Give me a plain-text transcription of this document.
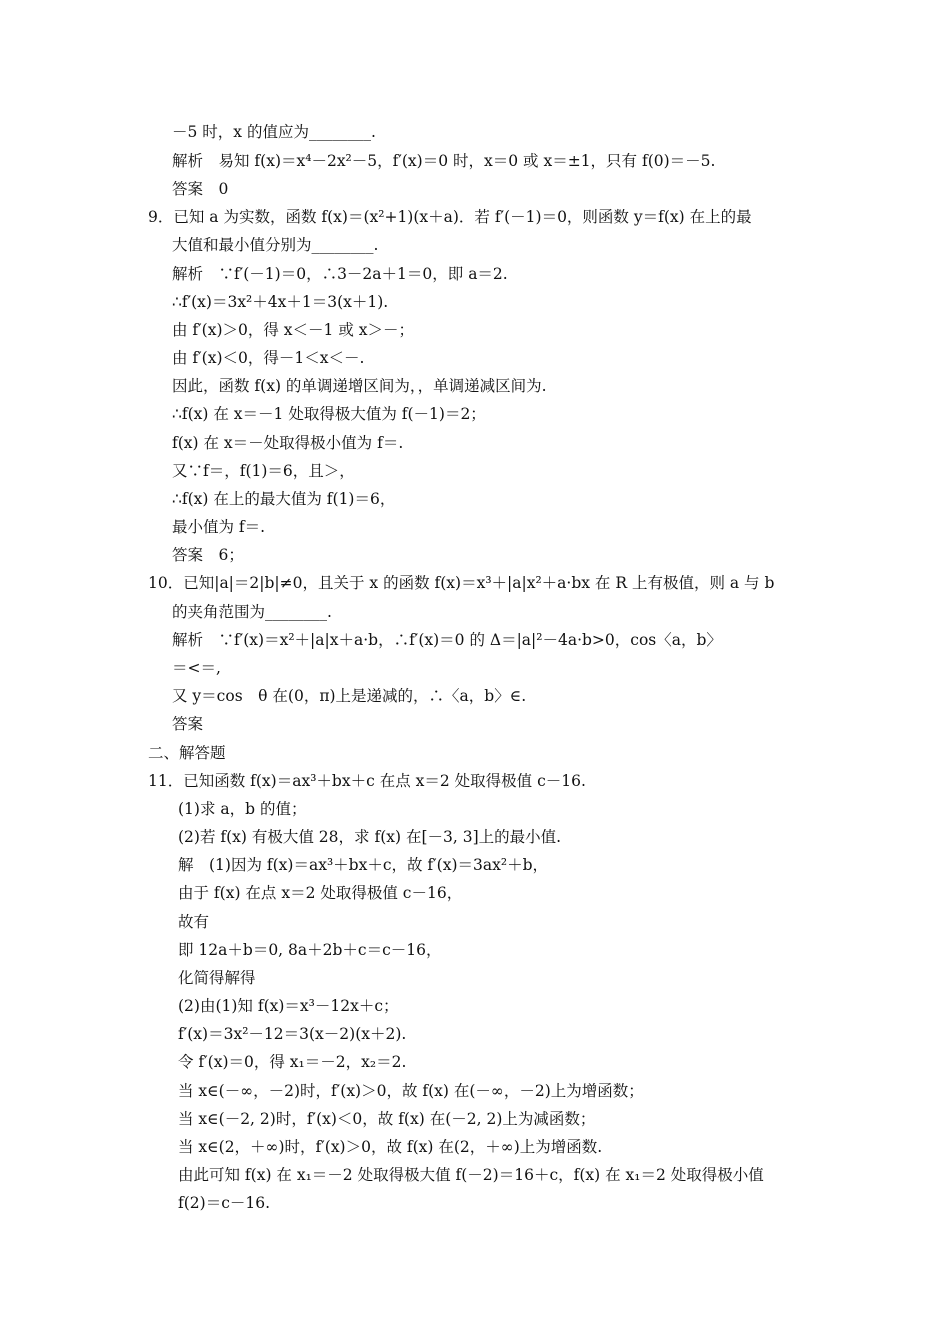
－5 时，x 的值应为________.
解析　易知 f(x)＝x⁴－2x²－5，f′(x)＝0 时，x＝0 或 x＝±1，只有 f(0)＝－5.
答案　0
9．已知 a 为实数，函数 f(x)＝(x²+1)(x＋a)．若 f′(－1)＝0，则函数 y＝f(x) 在上的最
大值和最小值分别为________.
解析　∵f′(－1)＝0，∴3－2a＋1＝0，即 a＝2.
∴f′(x)＝3x²＋4x＋1＝3(x＋1).
由 f′(x)＞0，得 x＜－1 或 x＞－；
由 f′(x)＜0，得－1＜x＜－.
因此，函数 f(x) 的单调递增区间为，，单调递减区间为.
∴f(x) 在 x＝－1 处取得极大值为 f(－1)＝2；
f(x) 在 x＝－处取得极小值为 f＝.
又∵f＝，f(1)＝6，且＞，
∴f(x) 在上的最大值为 f(1)＝6，
最小值为 f＝.
答案　6；
10．已知|a|＝2|b|≠0，且关于 x 的函数 f(x)＝x³＋|a|x²＋a·bx 在 R 上有极值，则 a 与 b
的夹角范围为________.
解析　∵f′(x)＝x²＋|a|x＋a·b，∴f′(x)＝0 的 Δ＝|a|²－4a·b>0，cos〈a，b〉
＝<＝,
又 y＝cos　θ 在(0，π)上是递减的，∴〈a，b〉∈.
答案
二、解答题
11．已知函数 f(x)＝ax³＋bx＋c 在点 x＝2 处取得极值 c－16.
(1)求 a，b 的值；
(2)若 f(x) 有极大值 28，求 f(x) 在[－3, 3]上的最小值.
解　(1)因为 f(x)＝ax³＋bx＋c，故 f′(x)＝3ax²＋b，
由于 f(x) 在点 x＝2 处取得极值 c－16，
故有
即 12a＋b＝0, 8a＋2b＋c＝c－16，
化简得解得
(2)由(1)知 f(x)＝x³－12x＋c；
f′(x)＝3x²－12＝3(x－2)(x＋2).
令 f′(x)＝0，得 x₁＝－2，x₂＝2.
当 x∈(－∞，－2)时，f′(x)＞0，故 f(x) 在(－∞，－2)上为增函数；
当 x∈(－2, 2)时，f′(x)＜0，故 f(x) 在(－2, 2)上为减函数；
当 x∈(2，＋∞)时，f′(x)＞0，故 f(x) 在(2，＋∞)上为增函数.
由此可知 f(x) 在 x₁＝－2 处取得极大值 f(－2)＝16＋c，f(x) 在 x₁＝2 处取得极小值
f(2)＝c－16.
